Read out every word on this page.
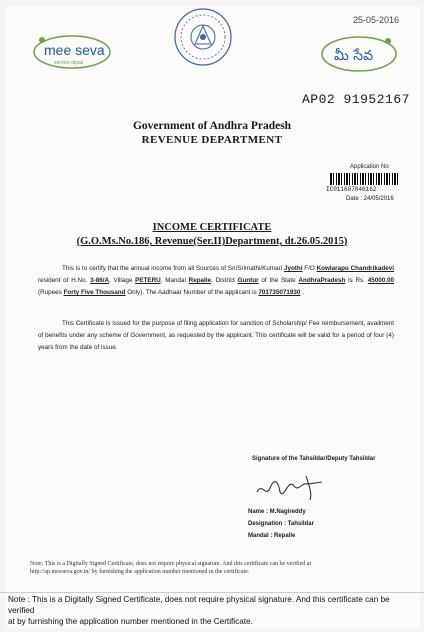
25-05-2016
mee seva
service dipak	మీ సేవ
AP02 91952167
Government of Andhra Pradesh
REVENUE DEPARTMENT
Application No
IC011607846162
Date : 24/05/2016
INCOME CERTIFICATE
(G.O.Ms.No.186, Revenue(Ser.II)Department, dt.26.05.2015)
This is to certify that the annual income from all Sources of Sri/Srimathi/Kumari Jyothi F/O Kowlarapu Chandrikadevi resident of H.No. 3-86/A, Village PETERU, Mandal Repalle, District Guntur of the State AndhraPradesh is Rs. 45000.00 (Rupees Forty Five Thousand Only). The Aadhaar Number of the applicant is 701735071930 .
This Certificate is issued for the purpose of filing application for sanction of Scholarship/ Fee reimbursement, availment of benefits under any scheme of Government, as requested by the applicant. This certificate will be valid for a period of four (4) years from the date of issue.
Signature of the Tahsildar/Deputy Tahsildar
Name : M.Nagireddy
Designation : Tahsildar
Mandal : Repalle
Note: This is a Digitally Signed Certificate, does not require physical signature. And this certificate can be verified at http://ap.meeseva.gov.in/ by furnishing the application number mentioned in the certificate.
Note : This is a Digitally Signed Certificate, does not require physical signature. And this certificate can be verified
at by furnishing the application number mentioned in the Certificate.
